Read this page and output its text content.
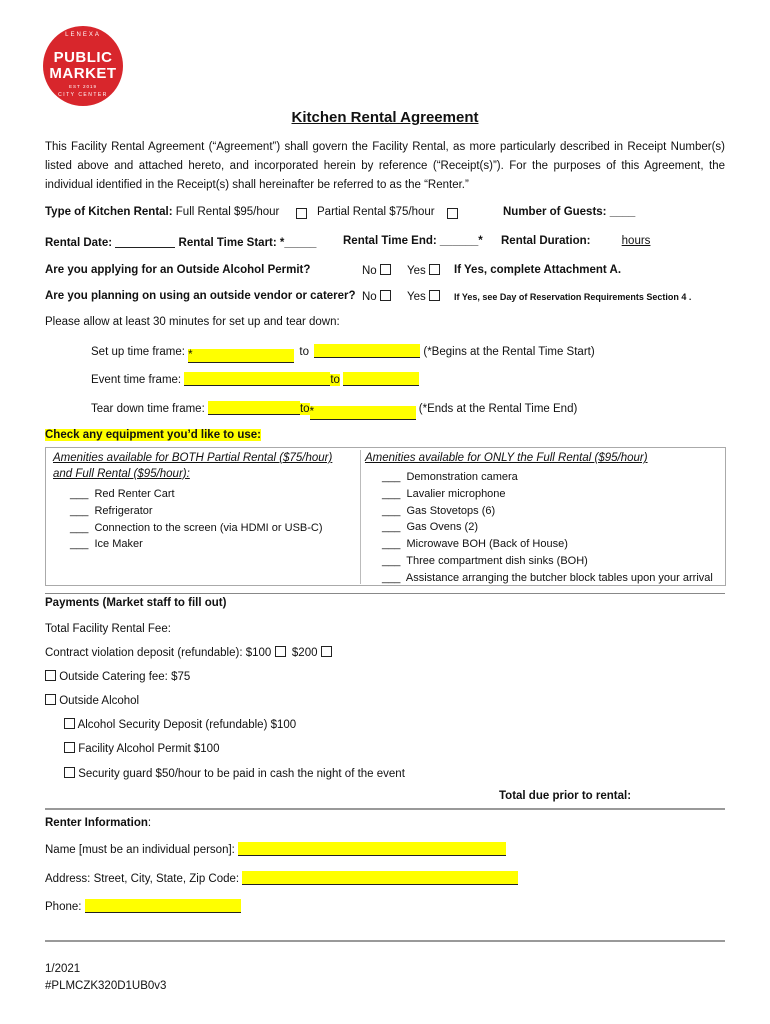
LENEXA
PUBLIC
MARKET
EST 2019
CITY CENTER
Kitchen Rental Agreement
This Facility Rental Agreement (“Agreement”) shall govern the Facility Rental, as more particularly described in Receipt Number(s) listed above and attached hereto, and incorporated herein by reference (“Receipt(s)”). For the purposes of this Agreement, the individual identified in the Receipt(s) shall hereinafter be referred to as the “Renter.”
Type of Kitchen Rental: Full Rental $95/hour	Partial Rental $75/hour	Number of Guests: ____
Rental Date:	Rental Time Start: *_____ Rental Time End: ______* Rental Duration:	hours
Are you applying for an Outside Alcohol Permit?	No	Yes	If Yes, complete Attachment A.
Are you planning on using an outside vendor or caterer? No	Yes	If Yes, see Day of Reservation Requirements Section 4 .
Please allow at least 30 minutes for set up and tear down:
Set up time frame: *	to	(*Begins at the Rental Time Start)
Event time frame:	to
Tear down time frame:	to*	(*Ends at the Rental Time End)
Check any equipment you’d like to use:
Amenities available for BOTH Partial Rental ($75/hour)
and Full Rental ($95/hour):
___ Red Renter Cart
___ Refrigerator
___ Connection to the screen (via HDMI or USB-C)
___ Ice Maker
Amenities available for ONLY the Full Rental ($95/hour)
___ Demonstration camera
___ Lavalier microphone
___ Gas Stovetops (6)
___ Gas Ovens (2)
___ Microwave BOH (Back of House)
___ Three compartment dish sinks (BOH)
___ Assistance arranging the butcher block tables upon your arrival
Payments (Market staff to fill out)
Total Facility Rental Fee:
Contract violation deposit (refundable): $100 $200
Outside Catering fee: $75
Outside Alcohol
Alcohol Security Deposit (refundable) $100
Facility Alcohol Permit $100
Security guard $50/hour to be paid in cash the night of the event
Total due prior to rental:
Renter Information:
Name [must be an individual person]:
Address: Street, City, State, Zip Code:
Phone:
1/2021
#PLMCZK320D1UB0v3
